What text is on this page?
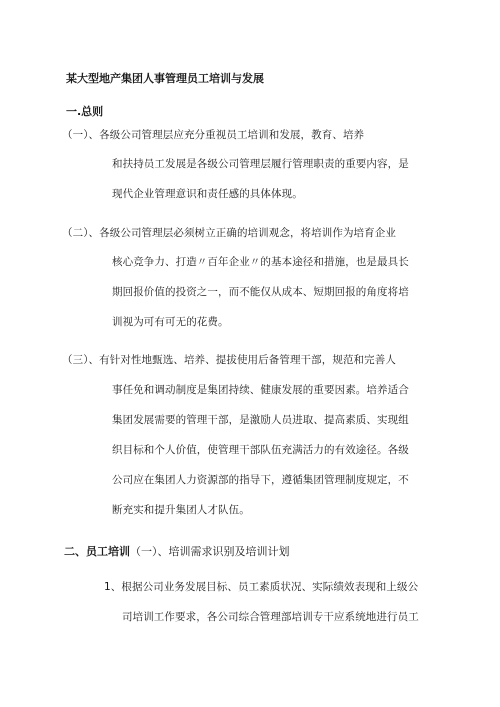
某大型地产集团人事管理员工培训与发展
一.总则
（一）、各级公司管理层应充分重视员工培训和发展，教育、培养
和扶持员工发展是各级公司管理层履行管理职责的重要内容，是
现代企业管理意识和责任感的具体体现。
（二）、各级公司管理层必须树立正确的培训观念，将培训作为培育企业
核心竞争力、打造〃百年企业〃的基本途径和措施，也是最具长
期回报价值的投资之一，而不能仅从成本、短期回报的角度将培
训视为可有可无的花费。
（三）、有针对性地甄选、培养、提拔使用后备管理干部，规范和完善人
事任免和调动制度是集团持续、健康发展的重要因素。培养适合
集团发展需要的管理干部，是激励人员进取、提高素质、实现组
织目标和个人价值，使管理干部队伍充满活力的有效途径。各级
公司应在集团人力资源部的指导下，遵循集团管理制度规定，不
断充实和提升集团人才队伍。
二、员工培训（一）、培训需求识别及培训计划
1、根据公司业务发展目标、员工素质状况、实际绩效表现和上级公
司培训工作要求，各公司综合管理部培训专干应系统地进行员工
